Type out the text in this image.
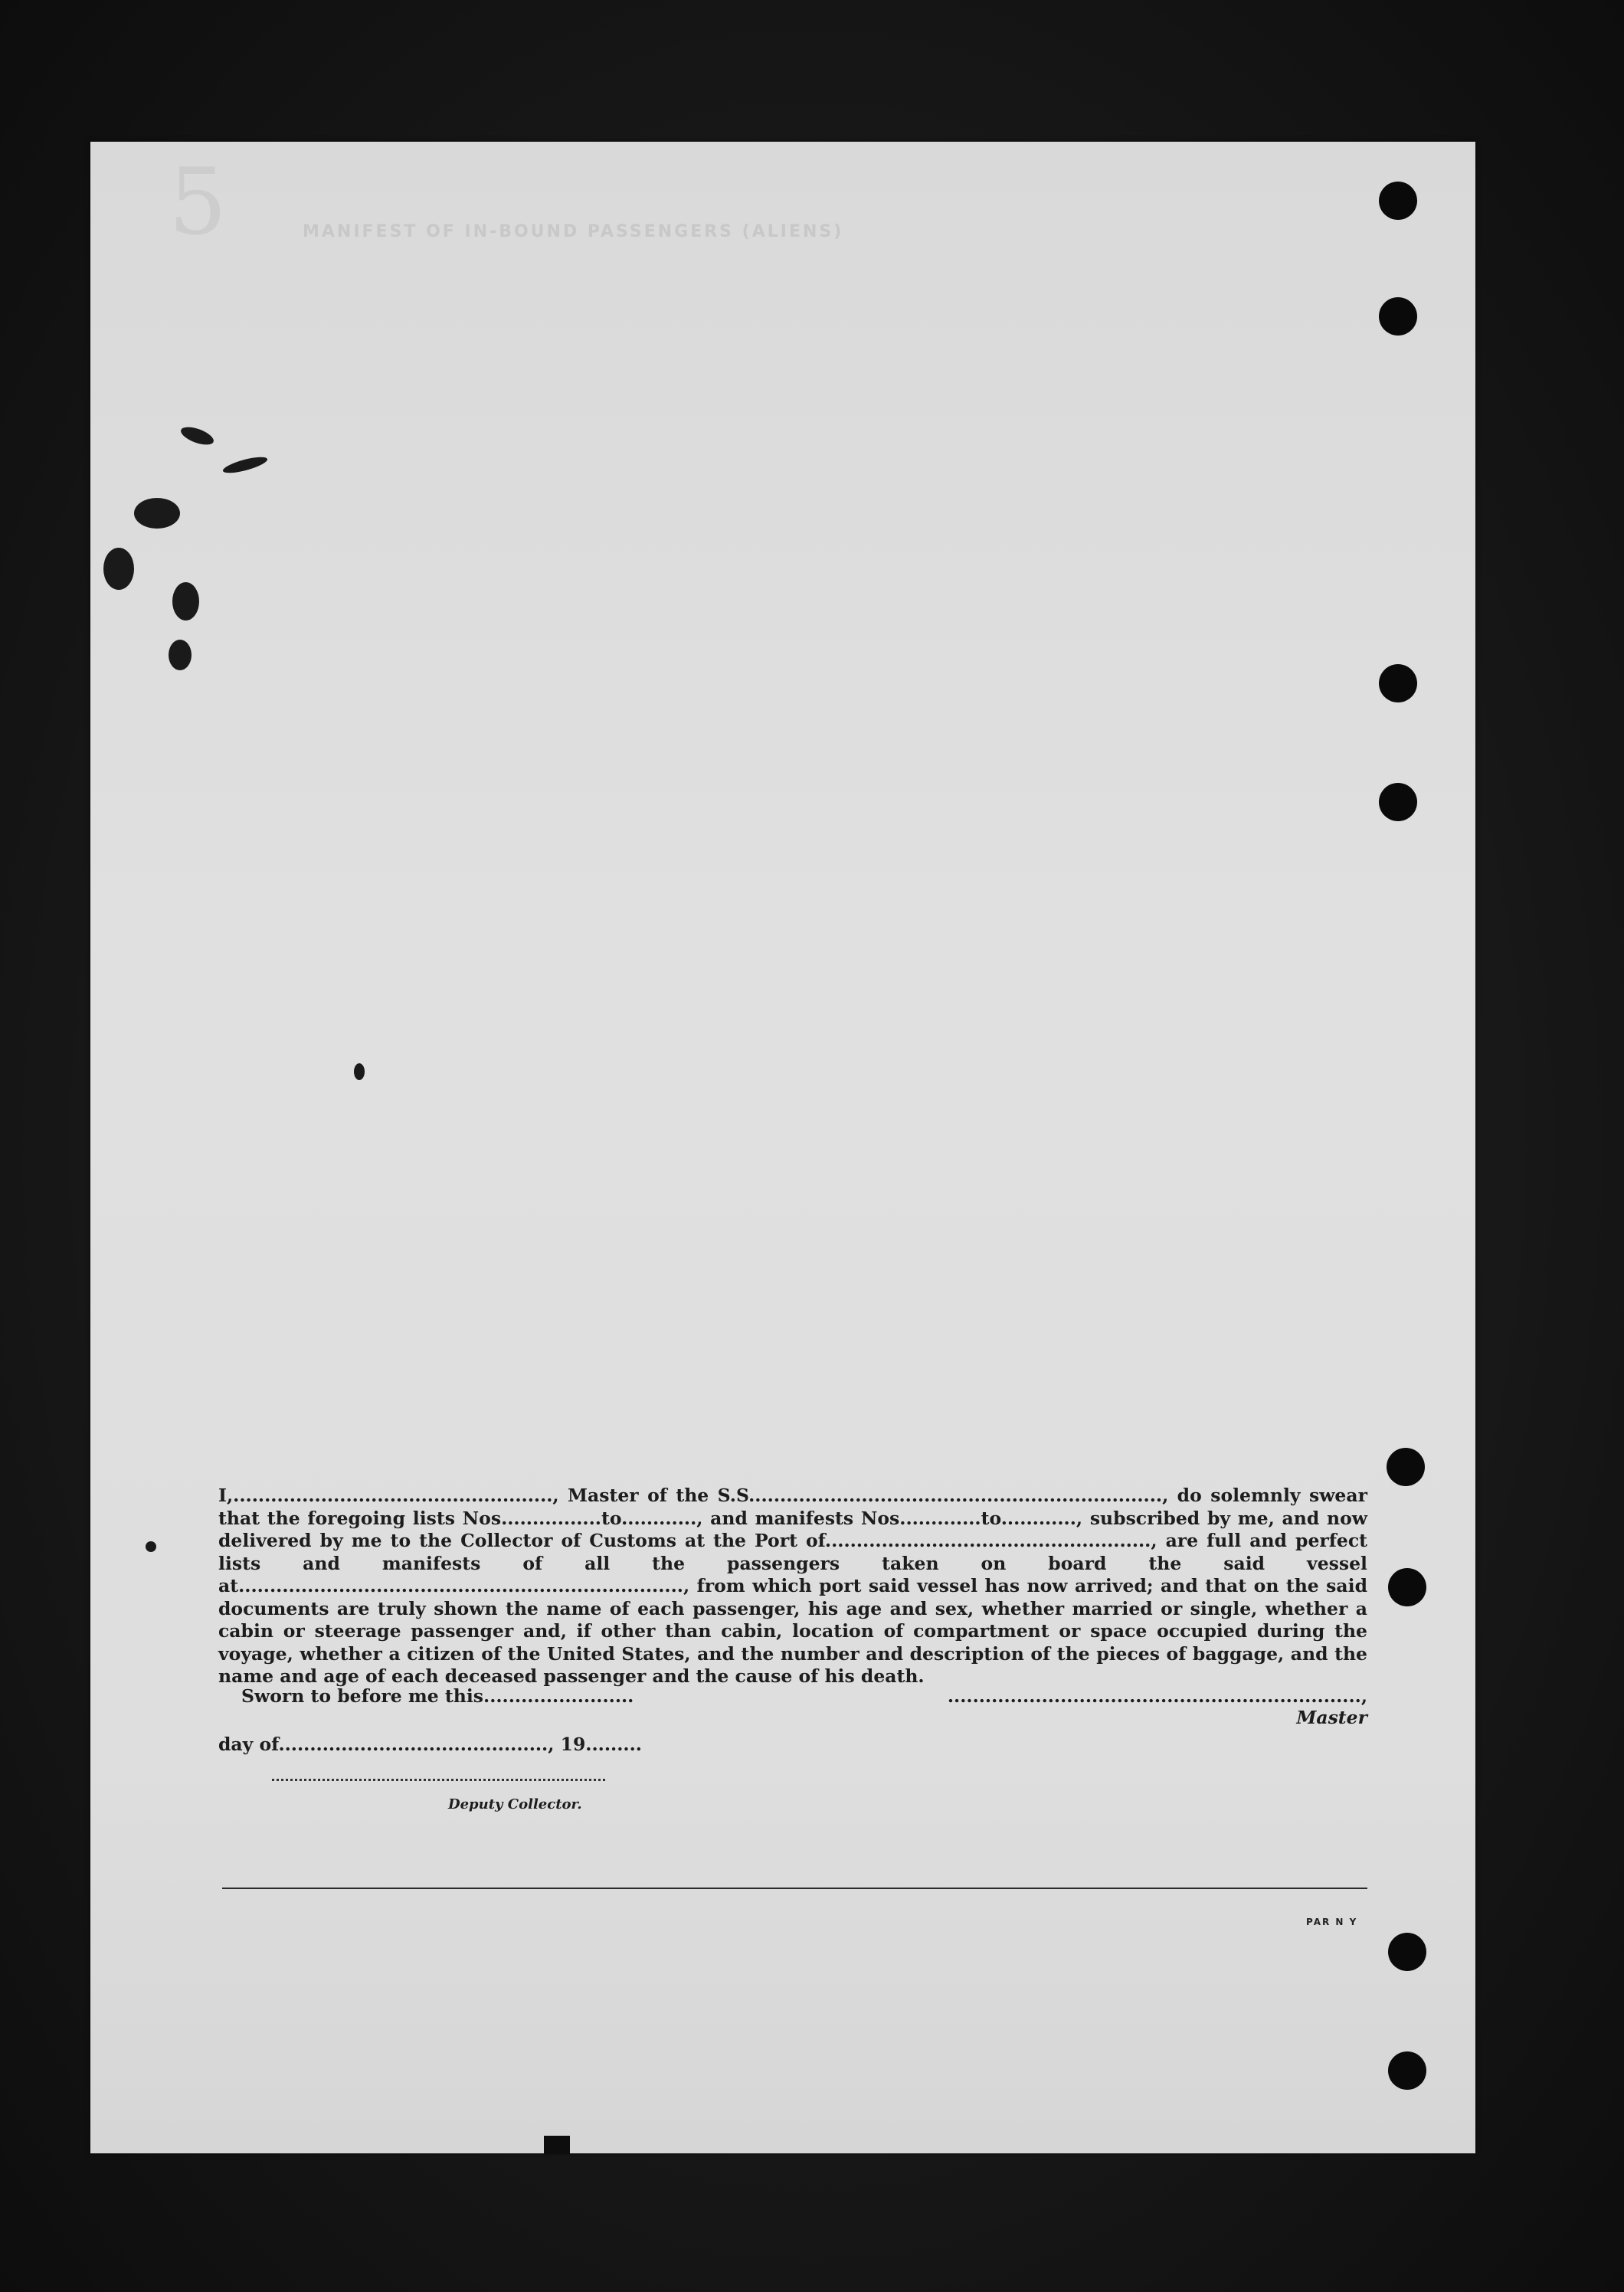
5	MANIFEST OF IN-BOUND PASSENGERS (ALIENS)

I,..................................................., Master of the S.S.................................................................., do solemnly swear that the foregoing lists Nos................to............, and manifests Nos.............to............, subscribed by me, and now delivered by me to the Collector of Customs at the Port of...................................................., are full and perfect lists and manifests of all the passengers taken on board the said vessel at......................................................................., from which port said vessel has now arrived; and that on the said documents are truly shown the name of each passenger, his age and sex, whether married or single, whether a cabin or steerage passenger and, if other than cabin, location of compartment or space occupied during the voyage, whether a citizen of the United States, and the number and description of the pieces of baggage, and the name and age of each deceased passenger and the cause of his death.

Sworn to before me this........................
day of..........................................., 19.........
.................................................................., Master
Deputy Collector.
PAR N Y
